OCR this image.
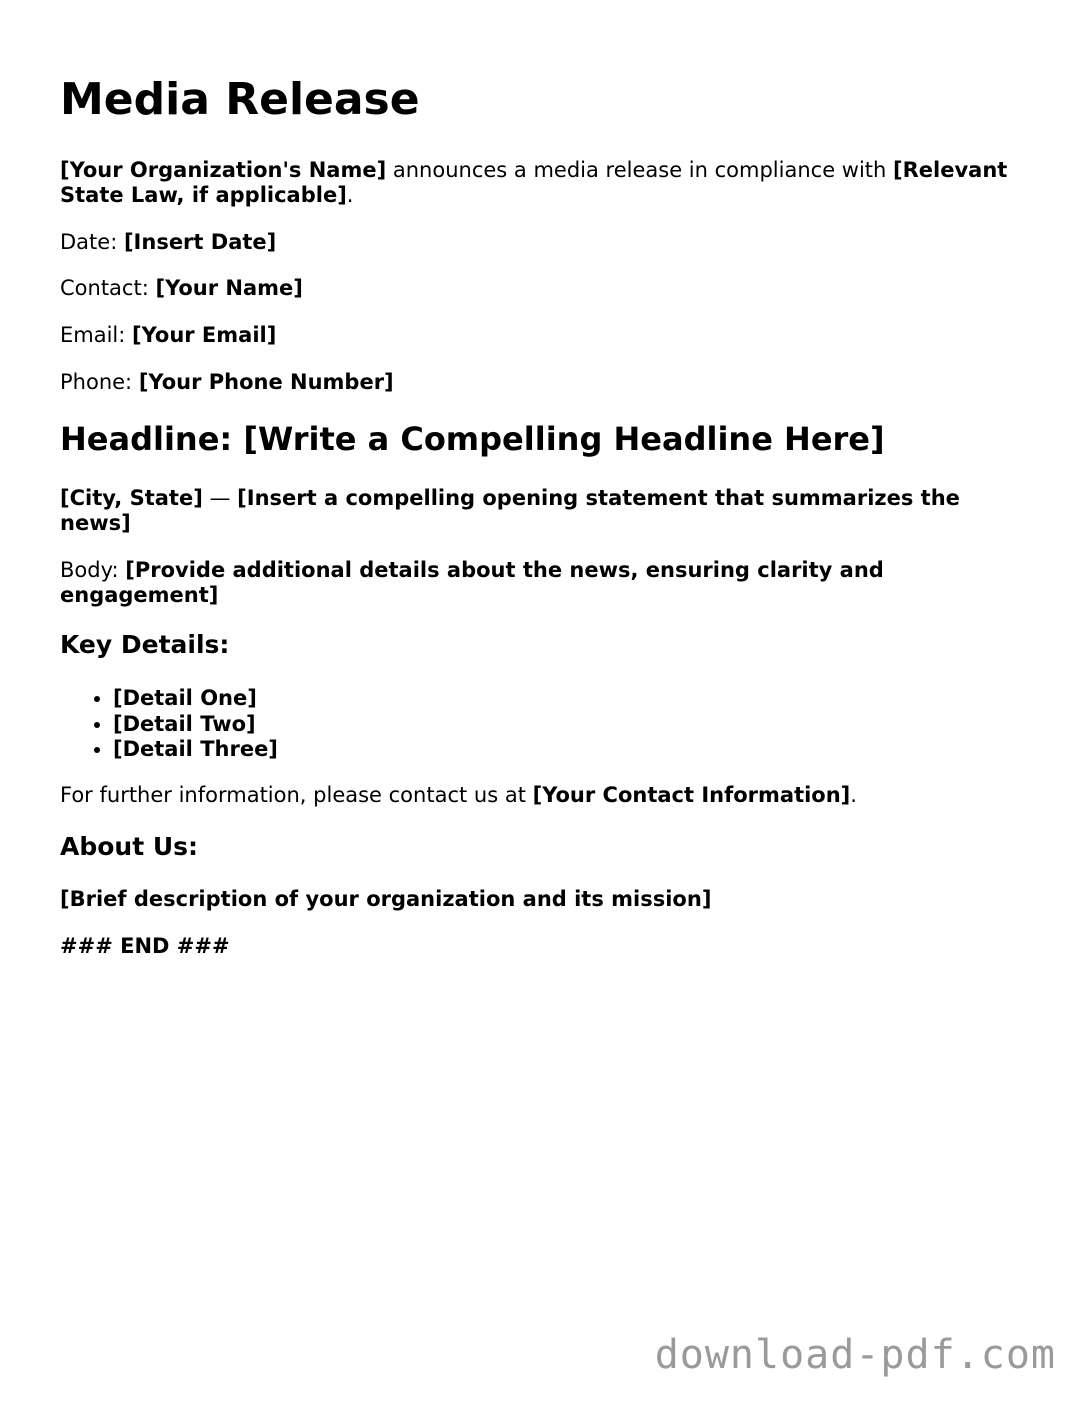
Media Release
[Your Organization's Name] announces a media release in compliance with [Relevant State Law, if applicable].
Date: [Insert Date]
Contact: [Your Name]
Email: [Your Email]
Phone: [Your Phone Number]
Headline: [Write a Compelling Headline Here]
[City, State] — [Insert a compelling opening statement that summarizes the news]
Body: [Provide additional details about the news, ensuring clarity and engagement]
Key Details:
• [Detail One]
• [Detail Two]
• [Detail Three]
For further information, please contact us at [Your Contact Information].
About Us:
[Brief description of your organization and its mission]
### END ###
download-pdf.com
